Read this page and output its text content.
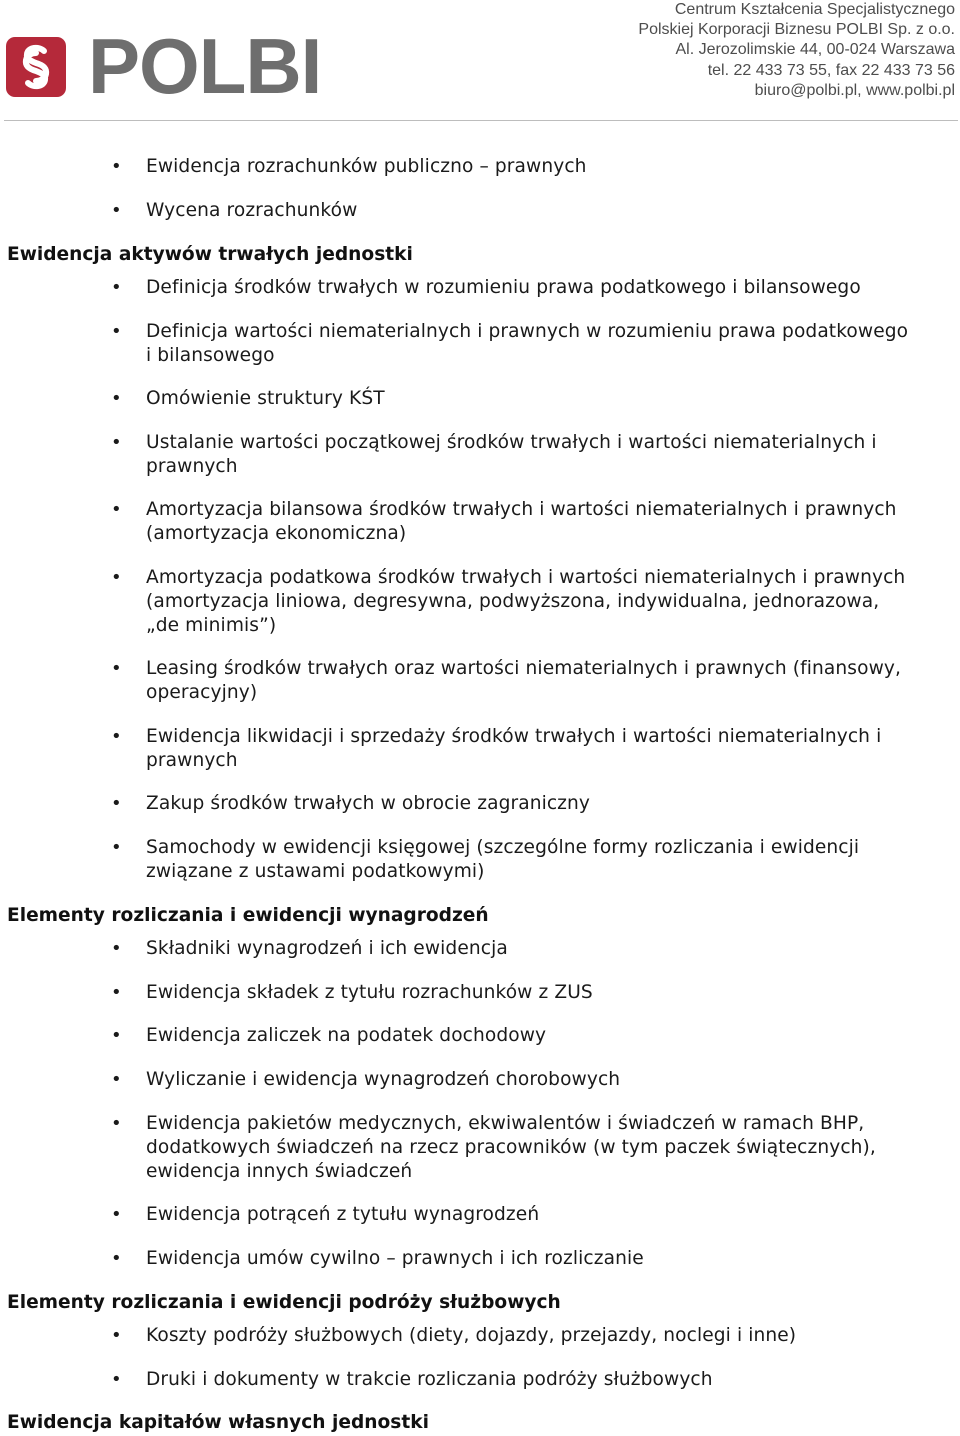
POLBI
Centrum Kształcenia Specjalistycznego
Polskiej Korporacji Biznesu POLBI Sp. z o.o.
Al. Jerozolimskie 44, 00-024 Warszawa
tel. 22 433 73 55, fax 22 433 73 56
biuro@polbi.pl, www.polbi.pl
• Ewidencja rozrachunków publiczno – prawnych
• Wycena rozrachunków
Ewidencja aktywów trwałych jednostki
• Definicja środków trwałych w rozumieniu prawa podatkowego i bilansowego
• Definicja wartości niematerialnych i prawnych w rozumieniu prawa podatkowego
i bilansowego
• Omówienie struktury KŚT
• Ustalanie wartości początkowej środków trwałych i wartości niematerialnych i
prawnych
• Amortyzacja bilansowa środków trwałych i wartości niematerialnych i prawnych
(amortyzacja ekonomiczna)
• Amortyzacja podatkowa środków trwałych i wartości niematerialnych i prawnych
(amortyzacja liniowa, degresywna, podwyższona, indywidualna, jednorazowa,
„de minimis”)
• Leasing środków trwałych oraz wartości niematerialnych i prawnych (finansowy,
operacyjny)
• Ewidencja likwidacji i sprzedaży środków trwałych i wartości niematerialnych i
prawnych
• Zakup środków trwałych w obrocie zagraniczny
• Samochody w ewidencji księgowej (szczególne formy rozliczania i ewidencji
związane z ustawami podatkowymi)
Elementy rozliczania i ewidencji wynagrodzeń
• Składniki wynagrodzeń i ich ewidencja
• Ewidencja składek z tytułu rozrachunków z ZUS
• Ewidencja zaliczek na podatek dochodowy
• Wyliczanie i ewidencja wynagrodzeń chorobowych
• Ewidencja pakietów medycznych, ekwiwalentów i świadczeń w ramach BHP,
dodatkowych świadczeń na rzecz pracowników (w tym paczek świątecznych),
ewidencja innych świadczeń
• Ewidencja potrąceń z tytułu wynagrodzeń
• Ewidencja umów cywilno – prawnych i ich rozliczanie
Elementy rozliczania i ewidencji podróży służbowych
• Koszty podróży służbowych (diety, dojazdy, przejazdy, noclegi i inne)
• Druki i dokumenty w trakcie rozliczania podróży służbowych
Ewidencja kapitałów własnych jednostki
